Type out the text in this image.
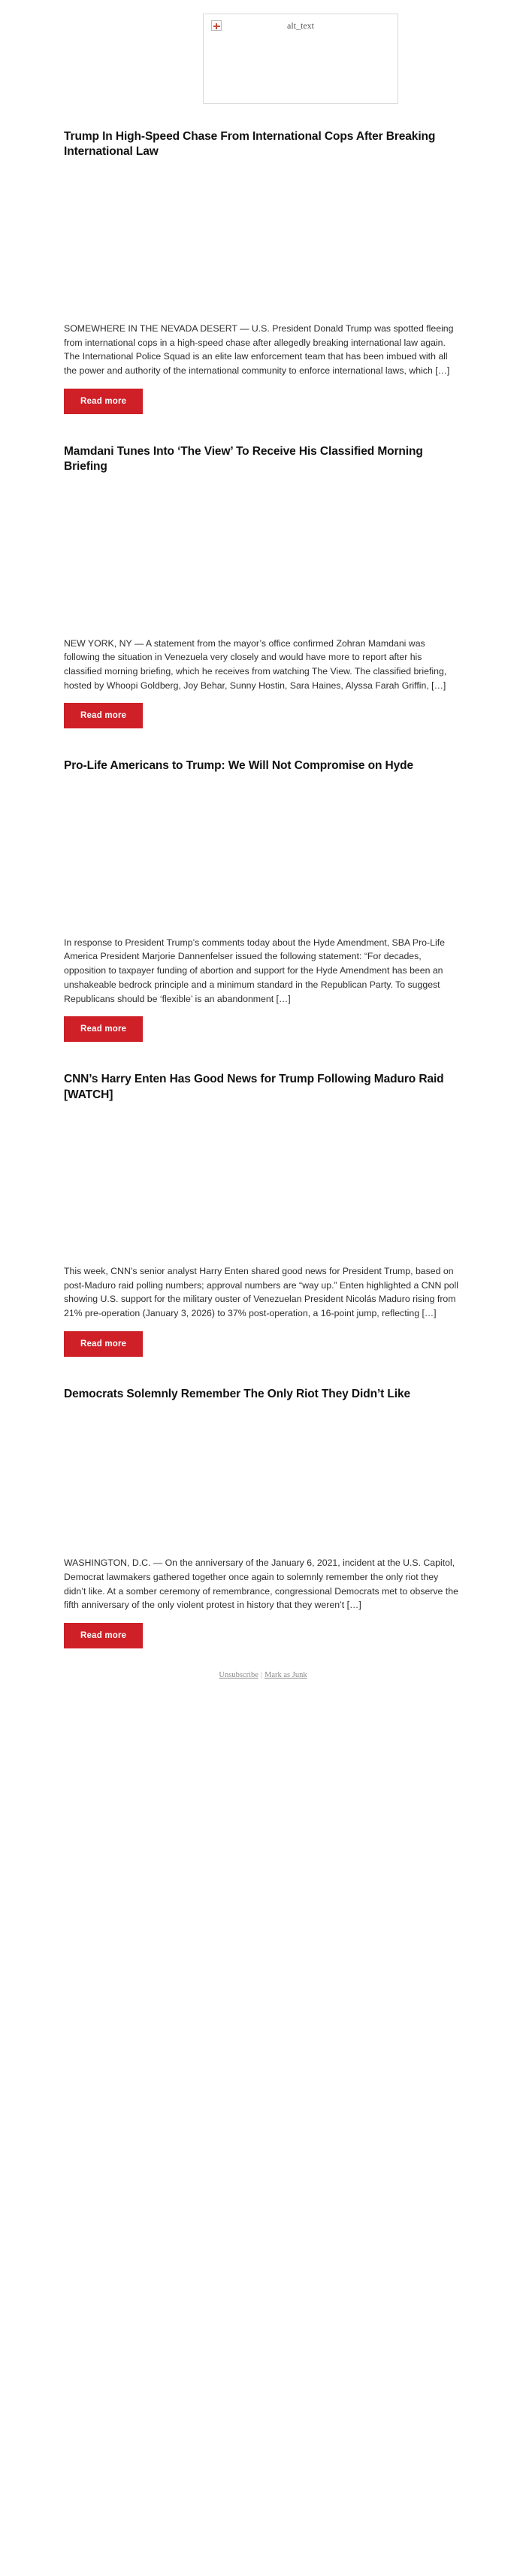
alt_text
Trump In High-Speed Chase From International Cops After Breaking International Law

SOMEWHERE IN THE NEVADA DESERT — U.S. President Donald Trump was spotted fleeing from international cops in a high-speed chase after allegedly breaking international law again. The International Police Squad is an elite law enforcement team that has been imbued with all the power and authority of the international community to enforce international laws, which […]

Read more
Mamdani Tunes Into ‘The View’ To Receive His Classified Morning Briefing

NEW YORK, NY — A statement from the mayor’s office confirmed Zohran Mamdani was following the situation in Venezuela very closely and would have more to report after his classified morning briefing, which he receives from watching The View. The classified briefing, hosted by Whoopi Goldberg, Joy Behar, Sunny Hostin, Sara Haines, Alyssa Farah Griffin, […]

Read more
Pro-Life Americans to Trump: We Will Not Compromise on Hyde

In response to President Trump’s comments today about the Hyde Amendment, SBA Pro-Life America President Marjorie Dannenfelser issued the following statement: “For decades, opposition to taxpayer funding of abortion and support for the Hyde Amendment has been an unshakeable bedrock principle and a minimum standard in the Republican Party. To suggest Republicans should be ‘flexible’ is an abandonment […]

Read more
CNN’s Harry Enten Has Good News for Trump Following Maduro Raid [WATCH]

This week, CNN’s senior analyst Harry Enten shared good news for President Trump, based on post-Maduro raid polling numbers; approval numbers are “way up.” Enten highlighted a CNN poll showing U.S. support for the military ouster of Venezuelan President Nicolás Maduro rising from 21% pre-operation (January 3, 2026) to 37% post-operation, a 16-point jump, reflecting […]

Read more
Democrats Solemnly Remember The Only Riot They Didn’t Like

WASHINGTON, D.C. — On the anniversary of the January 6, 2021, incident at the U.S. Capitol, Democrat lawmakers gathered together once again to solemnly remember the only riot they didn’t like. At a somber ceremony of remembrance, congressional Democrats met to observe the fifth anniversary of the only violent protest in history that they weren’t […]

Read more
Unsubscribe | Mark as Junk
